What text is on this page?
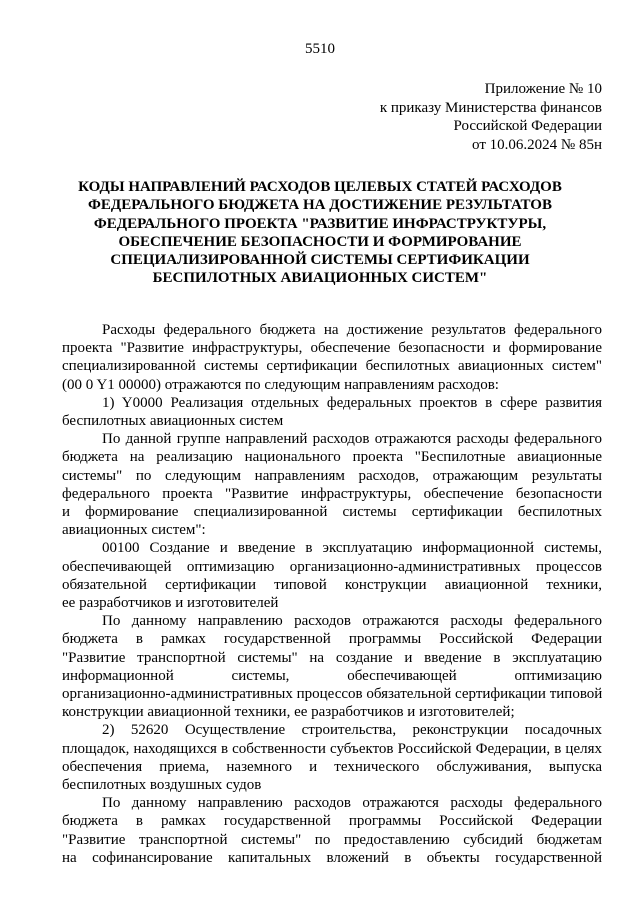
5510
Приложение № 10
к приказу Министерства финансов
Российской Федерации
от 10.06.2024 № 85н
КОДЫ НАПРАВЛЕНИЙ РАСХОДОВ ЦЕЛЕВЫХ СТАТЕЙ РАСХОДОВ
ФЕДЕРАЛЬНОГО БЮДЖЕТА НА ДОСТИЖЕНИЕ РЕЗУЛЬТАТОВ
ФЕДЕРАЛЬНОГО ПРОЕКТА "РАЗВИТИЕ ИНФРАСТРУКТУРЫ,
ОБЕСПЕЧЕНИЕ БЕЗОПАСНОСТИ И ФОРМИРОВАНИЕ
СПЕЦИАЛИЗИРОВАННОЙ СИСТЕМЫ СЕРТИФИКАЦИИ
БЕСПИЛОТНЫХ АВИАЦИОННЫХ СИСТЕМ"
Расходы федерального бюджета на достижение результатов федерального
проекта "Развитие инфраструктуры, обеспечение безопасности и формирование
специализированной системы сертификации беспилотных авиационных систем"
(00 0 Y1 00000) отражаются по следующим направлениям расходов:
1) Y0000 Реализация отдельных федеральных проектов в сфере развития
беспилотных авиационных систем
По данной группе направлений расходов отражаются расходы федерального
бюджета на реализацию национального проекта "Беспилотные авиационные
системы" по следующим направлениям расходов, отражающим результаты
федерального проекта "Развитие инфраструктуры, обеспечение безопасности
и формирование специализированной системы сертификации беспилотных
авиационных систем":
00100 Создание и введение в эксплуатацию информационной системы,
обеспечивающей оптимизацию организационно-административных процессов
обязательной сертификации типовой конструкции авиационной техники,
ее разработчиков и изготовителей
По данному направлению расходов отражаются расходы федерального
бюджета в рамках государственной программы Российской Федерации
"Развитие транспортной системы" на создание и введение в эксплуатацию
информационной системы, обеспечивающей оптимизацию
организационно-административных процессов обязательной сертификации типовой
конструкции авиационной техники, ее разработчиков и изготовителей;
2) 52620 Осуществление строительства, реконструкции посадочных
площадок, находящихся в собственности субъектов Российской Федерации, в целях
обеспечения приема, наземного и технического обслуживания, выпуска
беспилотных воздушных судов
По данному направлению расходов отражаются расходы федерального
бюджета в рамках государственной программы Российской Федерации
"Развитие транспортной системы" по предоставлению субсидий бюджетам
на софинансирование капитальных вложений в объекты государственной
